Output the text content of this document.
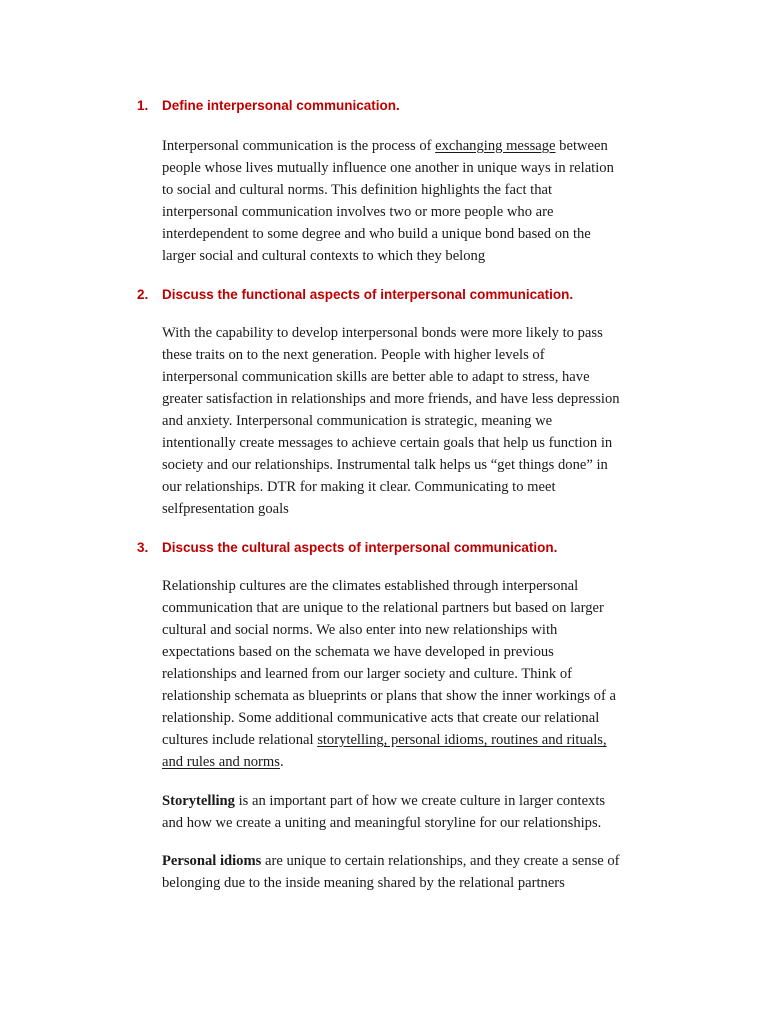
1. Define interpersonal communication.

Interpersonal communication is the process of exchanging message between
people whose lives mutually influence one another in unique ways in relation
to social and cultural norms. This definition highlights the fact that
interpersonal communication involves two or more people who are
interdependent to some degree and who build a unique bond based on the
larger social and cultural contexts to which they belong

2. Discuss the functional aspects of interpersonal communication.

With the capability to develop interpersonal bonds were more likely to pass
these traits on to the next generation. People with higher levels of
interpersonal communication skills are better able to adapt to stress, have
greater satisfaction in relationships and more friends, and have less depression
and anxiety. Interpersonal communication is strategic, meaning we
intentionally create messages to achieve certain goals that help us function in
society and our relationships. Instrumental talk helps us “get things done” in
our relationships. DTR for making it clear. Communicating to meet
selfpresentation goals

3. Discuss the cultural aspects of interpersonal communication.

Relationship cultures are the climates established through interpersonal
communication that are unique to the relational partners but based on larger
cultural and social norms. We also enter into new relationships with
expectations based on the schemata we have developed in previous
relationships and learned from our larger society and culture. Think of
relationship schemata as blueprints or plans that show the inner workings of a
relationship. Some additional communicative acts that create our relational
cultures include relational storytelling, personal idioms, routines and rituals,
and rules and norms.

Storytelling is an important part of how we create culture in larger contexts
and how we create a uniting and meaningful storyline for our relationships.

Personal idioms are unique to certain relationships, and they create a sense of
belonging due to the inside meaning shared by the relational partners
